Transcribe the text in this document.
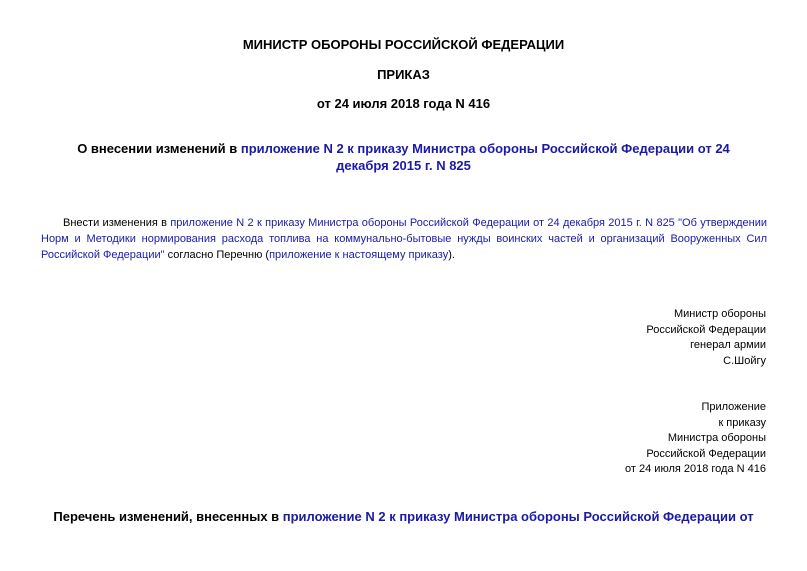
МИНИСТР ОБОРОНЫ РОССИЙСКОЙ ФЕДЕРАЦИИ
ПРИКАЗ
от 24 июля 2018 года N 416
О внесении изменений в приложение N 2 к приказу Министра обороны Российской Федерации от 24
декабря 2015 г. N 825
Внести изменения в приложение N 2 к приказу Министра обороны Российской Федерации от 24 декабря 2015 г. N 825 "Об утверждении Норм и Методики нормирования расхода топлива на коммунально-бытовые нужды воинских частей и организаций Вооруженных Сил Российской Федерации" согласно Перечню (приложение к настоящему приказу).
Министр обороны
Российской Федерации
генерал армии
С.Шойгу
Приложение
к приказу
Министра обороны
Российской Федерации
от 24 июля 2018 года N 416
Перечень изменений, внесенных в приложение N 2 к приказу Министра обороны Российской Федерации от
